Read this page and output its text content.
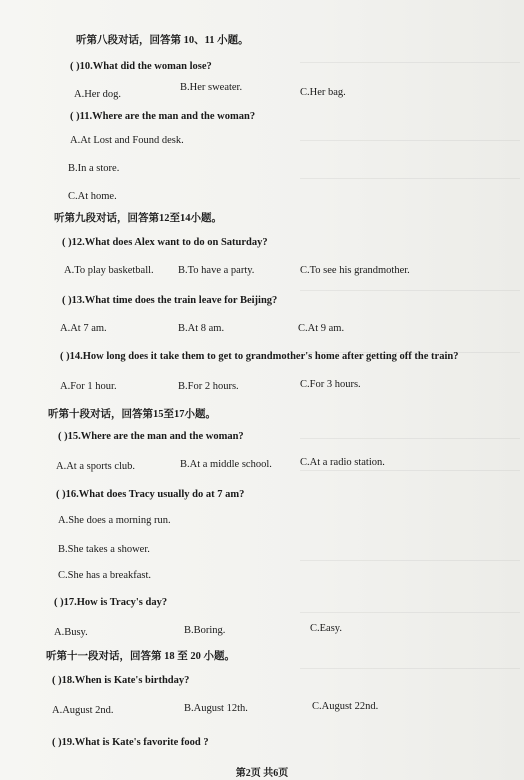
听第八段对话，回答第 10、11 小题。
( )10.What did the woman lose?
A.Her dog.
B.Her sweater.	C.Her bag.
( )11.Where are the man and the woman?
A.At Lost and Found desk.
B.In a store.
C.At home.
听第九段对话，回答第12至14小题。
( )12.What does Alex want to do on Saturday?
A.To play basketball. B.To have a party.	C.To see his grandmother.
( )13.What time does the train leave for Beijing?
A.At 7 am.	B.At 8 am.	C.At 9 am.
( )14.How long does it take them to get to grandmother's home after getting off the train?
A.For 1 hour.	B.For 2 hours.	C.For 3 hours.
听第十段对话，回答第15至17小题。
( )15.Where are the man and the woman?
A.At a sports club.	B.At a middle school.	C.At a radio station.
( )16.What does Tracy usually do at 7 am?
A.She does a morning run.
B.She takes a shower.
C.She has a breakfast.
( )17.How is Tracy's day?
A.Busy.	B.Boring.	C.Easy.
听第十一段对话，回答第 18 至 20 小题。
( )18.When is Kate's birthday?
A.August 2nd.	B.August 12th.	C.August 22nd.
( )19.What is Kate's favorite food ?
第2页 共6页
